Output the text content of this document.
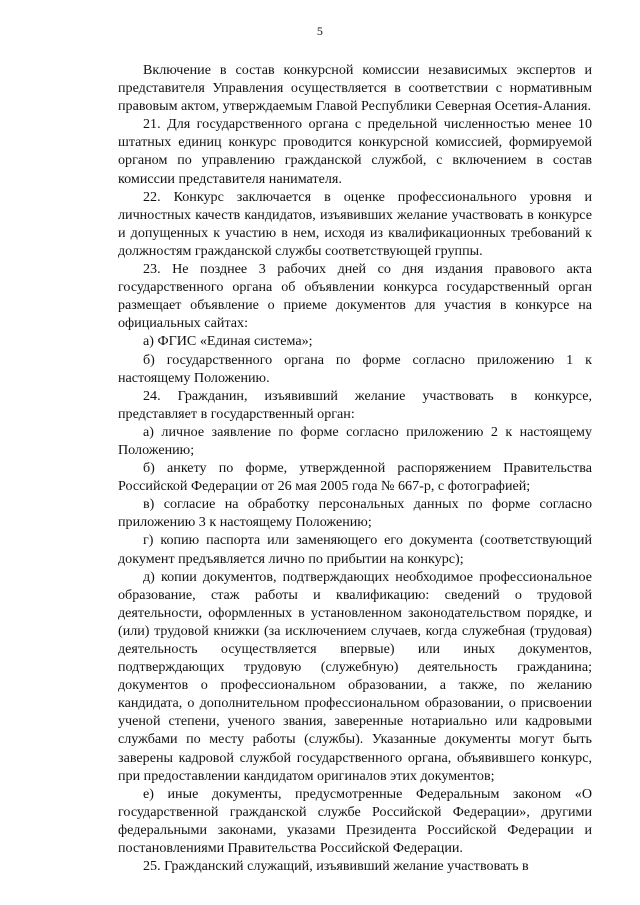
5

Включение в состав конкурсной комиссии независимых экспертов и представителя Управления осуществляется в соответствии с нормативным правовым актом, утверждаемым Главой Республики Северная Осетия-Алания.

21. Для государственного органа с предельной численностью менее 10 штатных единиц конкурс проводится конкурсной комиссией, формируемой органом по управлению гражданской службой, с включением в состав комиссии представителя нанимателя.

22. Конкурс заключается в оценке профессионального уровня и личностных качеств кандидатов, изъявивших желание участвовать в конкурсе и допущенных к участию в нем, исходя из квалификационных требований к должностям гражданской службы соответствующей группы.

23. Не позднее 3 рабочих дней со дня издания правового акта государственного органа об объявлении конкурса государственный орган размещает объявление о приеме документов для участия в конкурсе на официальных сайтах:

а) ФГИС «Единая система»;

б) государственного органа по форме согласно приложению 1 к настоящему Положению.

24. Гражданин, изъявивший желание участвовать в конкурсе, представляет в государственный орган:

а) личное заявление по форме согласно приложению 2 к настоящему Положению;

б) анкету по форме, утвержденной распоряжением Правительства Российской Федерации от 26 мая 2005 года № 667-р, с фотографией;

в) согласие на обработку персональных данных по форме согласно приложению 3 к настоящему Положению;

г) копию паспорта или заменяющего его документа (соответствующий документ предъявляется лично по прибытии на конкурс);

д) копии документов, подтверждающих необходимое профессиональное образование, стаж работы и квалификацию: сведений о трудовой деятельности, оформленных в установленном законодательством порядке, и (или) трудовой книжки (за исключением случаев, когда служебная (трудовая) деятельность осуществляется впервые) или иных документов, подтверждающих трудовую (служебную) деятельность гражданина; документов о профессиональном образовании, а также, по желанию кандидата, о дополнительном профессиональном образовании, о присвоении ученой степени, ученого звания, заверенные нотариально или кадровыми службами по месту работы (службы). Указанные документы могут быть заверены кадровой службой государственного органа, объявившего конкурс, при предоставлении кандидатом оригиналов этих документов;

е) иные документы, предусмотренные Федеральным законом «О государственной гражданской службе Российской Федерации», другими федеральными законами, указами Президента Российской Федерации и постановлениями Правительства Российской Федерации.

25. Гражданский служащий, изъявивший желание участвовать в
